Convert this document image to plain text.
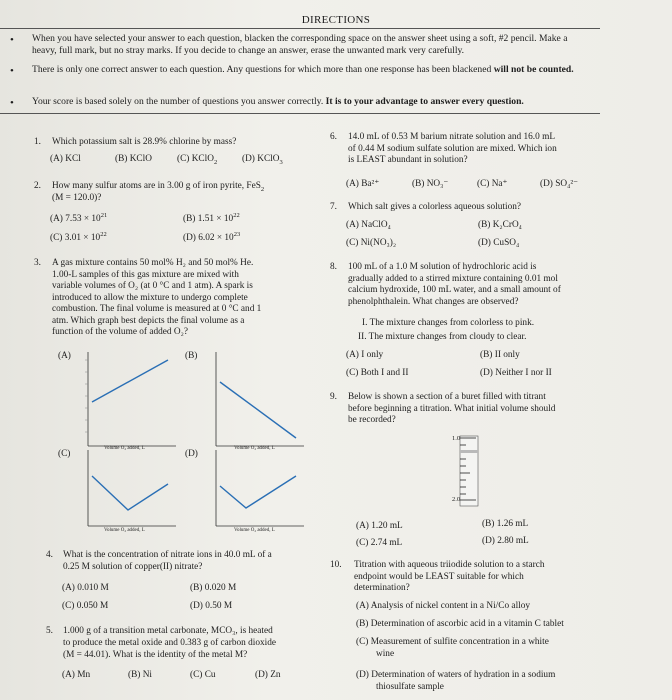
DIRECTIONS
• When you have selected your answer to each question, blacken the corresponding space on the answer sheet using a soft, #2 pencil. Make a heavy, full mark, but no stray marks. If you decide to change an answer, erase the unwanted mark very carefully.
• There is only one correct answer to each question. Any questions for which more than one response has been blackened will not be counted.
• Your score is based solely on the number of questions you answer correctly. It is to your advantage to answer every question.
1. Which potassium salt is 28.9% chlorine by mass?
(A) KCl	(B) KClO	(C) KClO$_2$	(D) KClO$_3$
2. How many sulfur atoms are in 3.00 g of iron pyrite, FeS$_2$
(M = 120.0)?
(A) $7.53 \times 10^{21}$	(B) $1.51 \times 10^{22}$
(C) $3.01 \times 10^{22}$	(D) $6.02 \times 10^{23}$
3. A gas mixture contains 50 mol% H₂ and 50 mol% He.
1.00-L samples of this gas mixture are mixed with
variable volumes of O₂ (at 0 °C and 1 atm). A spark is
introduced to allow the mixture to undergo complete
combustion. The final volume is measured at 0 °C and 1
atm. Which graph best depicts the final volume as a
function of the volume of added O₂?
(A)	(B)
(C)	(D)
Volume O₂ added, L	Volume O₂ added, L
Volume O₂ added, L	Volume O₂ added, L
4. What is the concentration of nitrate ions in 40.0 mL of a
0.25 M solution of copper(II) nitrate?
(A) 0.010 M	(B) 0.020 M
(C) 0.050 M	(D) 0.50 M
5. 1.000 g of a transition metal carbonate, MCO₃, is heated
to produce the metal oxide and 0.383 g of carbon dioxide
(M = 44.01). What is the identity of the metal M?
(A) Mn	(B) Ni	(C) Cu	(D) Zn
6. 14.0 mL of 0.53 M barium nitrate solution and 16.0 mL
of 0.44 M sodium sulfate solution are mixed. Which ion
is LEAST abundant in solution?
(A) Ba²⁺	(B) NO₃⁻	(C) Na⁺	(D) SO₄²⁻
7. Which salt gives a colorless aqueous solution?
(A) NaClO₄	(B) K₂CrO₄
(C) Ni(NO₃)₂	(D) CuSO₄
8. 100 mL of a 1.0 M solution of hydrochloric acid is
gradually added to a stirred mixture containing 0.01 mol
calcium hydroxide, 100 mL water, and a small amount of
phenolphthalein. What changes are observed?
I. The mixture changes from colorless to pink.
II. The mixture changes from cloudy to clear.
(A) I only	(B) II only
(C) Both I and II	(D) Neither I nor II
9. Below is shown a section of a buret filled with titrant
before beginning a titration. What initial volume should
be recorded?
1.0
2.0
(A) 1.20 mL	(B) 1.26 mL
(C) 2.74 mL	(D) 2.80 mL
10. Titration with aqueous triiodide solution to a starch
endpoint would be LEAST suitable for which
determination?
(A) Analysis of nickel content in a Ni/Co alloy
(B) Determination of ascorbic acid in a vitamin C tablet
(C) Measurement of sulfite concentration in a white
wine
(D) Determination of waters of hydration in a sodium
thiosulfate sample
